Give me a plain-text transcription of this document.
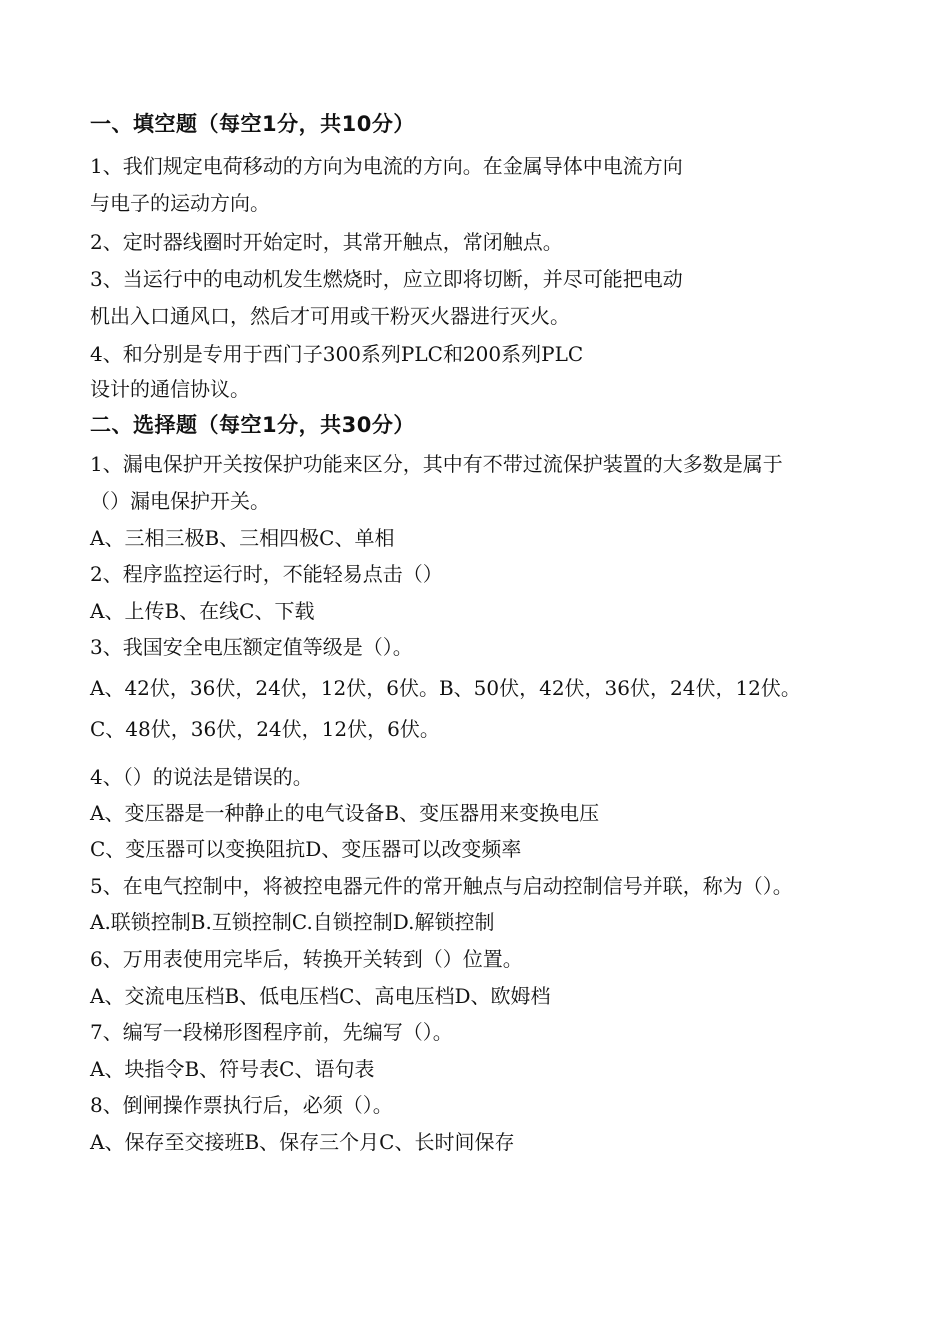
一、填空题（每空1分，共10分）
1、我们规定电荷移动的方向为电流的方向。在金属导体中电流方向
与电子的运动方向。
2、定时器线圈时开始定时，其常开触点，常闭触点。
3、当运行中的电动机发生燃烧时，应立即将切断，并尽可能把电动
机出入口通风口，然后才可用或干粉灭火器进行灭火。
4、和分别是专用于西门子300系列PLC和200系列PLC
设计的通信协议。
二、选择题（每空1分，共30分）
1、漏电保护开关按保护功能来区分，其中有不带过流保护装置的大多数是属于
（）漏电保护开关。
A、三相三极B、三相四极C、单相
2、程序监控运行时，不能轻易点击（）
A、上传B、在线C、下载
3、我国安全电压额定值等级是（）。
A、42伏，36伏，24伏，12伏，6伏。B、50伏，42伏，36伏，24伏，12伏。
C、48伏，36伏，24伏，12伏，6伏。
4、（）的说法是错误的。
A、变压器是一种静止的电气设备B、变压器用来变换电压
C、变压器可以变换阻抗D、变压器可以改变频率
5、在电气控制中，将被控电器元件的常开触点与启动控制信号并联，称为（）。
A.联锁控制B.互锁控制C.自锁控制D.解锁控制
6、万用表使用完毕后，转换开关转到（）位置。
A、交流电压档B、低电压档C、高电压档D、欧姆档
7、编写一段梯形图程序前，先编写（）。
A、块指令B、符号表C、语句表
8、倒闸操作票执行后，必须（）。
A、保存至交接班B、保存三个月C、长时间保存
